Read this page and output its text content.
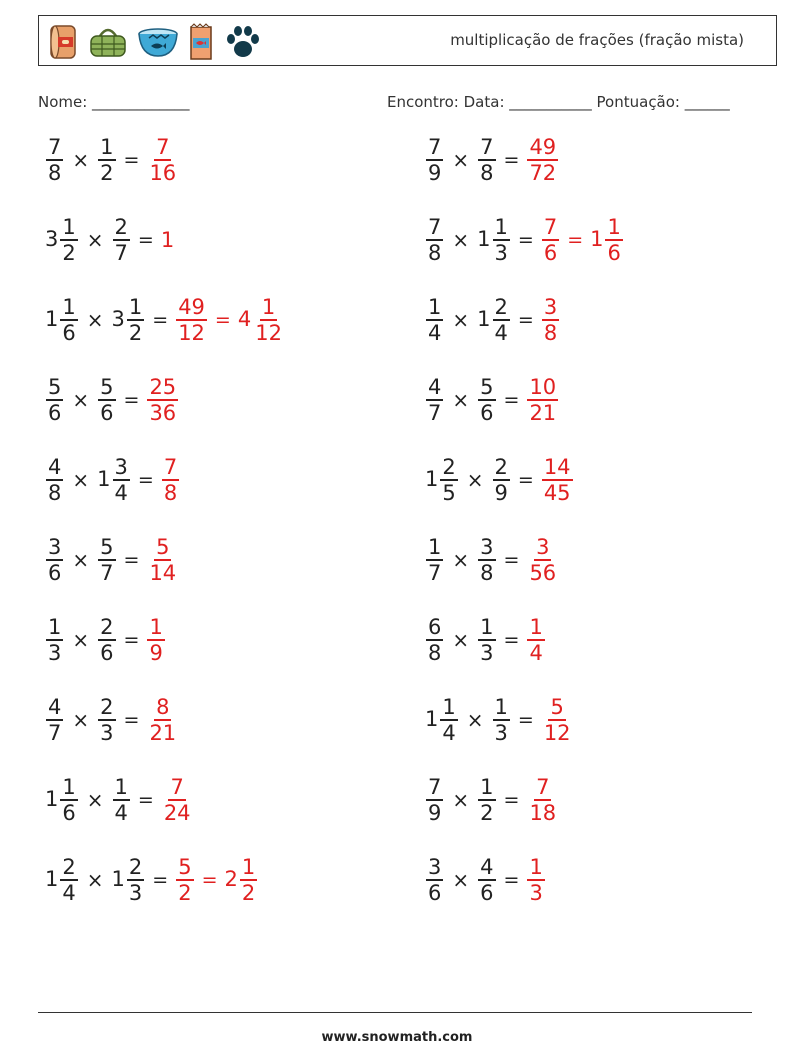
multiplicação de frações (fração mista)
Nome: _____________	Encontro: Data: ___________ Pontuação: ______
$\frac{7}{8} \times \frac{1}{2} = \frac{7}{16}$	$\frac{7}{9} \times \frac{7}{8} = \frac{49}{72}$
$3 \frac{1}{2} \times \frac{2}{7} = 1$	$\frac{7}{8} \times 1 \frac{1}{3} = \frac{7}{6} = 1 \frac{1}{6}$
$1 \frac{1}{6} \times 3 \frac{1}{2} = \frac{49}{12} = 4 \frac{1}{12}$	$\frac{1}{4} \times 1 \frac{2}{4} = \frac{3}{8}$
$\frac{5}{6} \times \frac{5}{6} = \frac{25}{36}$	$\frac{4}{7} \times \frac{5}{6} = \frac{10}{21}$
$\frac{4}{8} \times 1 \frac{3}{4} = \frac{7}{8}$	$1 \frac{2}{5} \times \frac{2}{9} = \frac{14}{45}$
$\frac{3}{6} \times \frac{5}{7} = \frac{5}{14}$	$\frac{1}{7} \times \frac{3}{8} = \frac{3}{56}$
$\frac{1}{3} \times \frac{2}{6} = \frac{1}{9}$	$\frac{6}{8} \times \frac{1}{3} = \frac{1}{4}$
$\frac{4}{7} \times \frac{2}{3} = \frac{8}{21}$	$1 \frac{1}{4} \times \frac{1}{3} = \frac{5}{12}$
$1 \frac{1}{6} \times \frac{1}{4} = \frac{7}{24}$	$\frac{7}{9} \times \frac{1}{2} = \frac{7}{18}$
$1 \frac{2}{4} \times 1 \frac{2}{3} = \frac{5}{2} = 2 \frac{1}{2}$	$\frac{3}{6} \times \frac{4}{6} = \frac{1}{3}$
www.snowmath.com
